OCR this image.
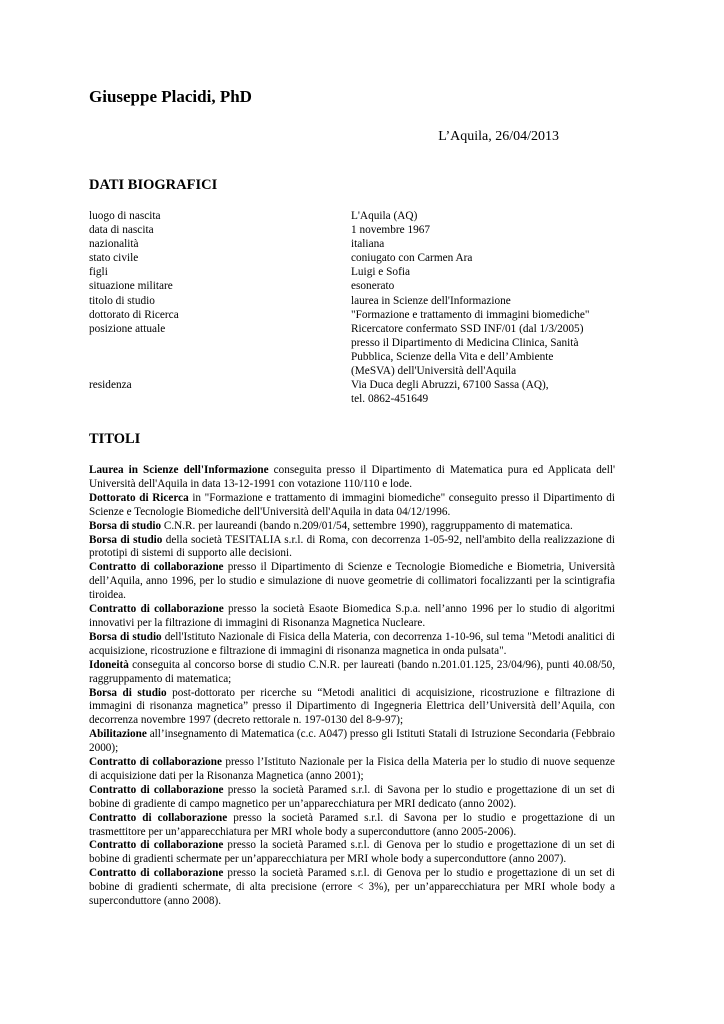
Giuseppe Placidi, PhD
L’Aquila, 26/04/2013
DATI BIOGRAFICI
luogo di nascita	L'Aquila (AQ)
data di nascita	1 novembre 1967
nazionalità	italiana
stato civile	coniugato con Carmen Ara
figli	Luigi e Sofia
situazione militare	esonerato
titolo di studio	laurea in Scienze dell'Informazione
dottorato di Ricerca	"Formazione e trattamento di immagini biomediche"
posizione attuale	Ricercatore confermato SSD INF/01 (dal 1/3/2005)
presso il Dipartimento di Medicina Clinica, Sanità
Pubblica, Scienze della Vita e dell’Ambiente
(MeSVA) dell'Università dell'Aquila
residenza	Via Duca degli Abruzzi, 67100 Sassa (AQ),
tel. 0862-451649
TITOLI

Laurea in Scienze dell'Informazione conseguita presso il Dipartimento di Matematica pura ed Applicata dell' Università dell'Aquila in data 13-12-1991 con votazione 110/110 e lode.

Dottorato di Ricerca in "Formazione e trattamento di immagini biomediche" conseguito presso il Dipartimento di Scienze e Tecnologie Biomediche dell'Università dell'Aquila in data 04/12/1996.

Borsa di studio C.N.R. per laureandi (bando n.209/01/54, settembre 1990), raggruppamento di matematica.

Borsa di studio della società TESITALIA s.r.l. di Roma, con decorrenza 1-05-92, nell'ambito della realizzazione di prototipi di sistemi di supporto alle decisioni.

Contratto di collaborazione presso il Dipartimento di Scienze e Tecnologie Biomediche e Biometria, Università dell’Aquila, anno 1996, per lo studio e simulazione di nuove geometrie di collimatori focalizzanti per la scintigrafia tiroidea.

Contratto di collaborazione presso la società Esaote Biomedica S.p.a. nell’anno 1996 per lo studio di algoritmi innovativi per la filtrazione di immagini di Risonanza Magnetica Nucleare.

Borsa di studio dell'Istituto Nazionale di Fisica della Materia, con decorrenza 1-10-96, sul tema "Metodi analitici di acquisizione, ricostruzione e filtrazione di immagini di risonanza magnetica in onda pulsata".

Idoneità conseguita al concorso borse di studio C.N.R. per laureati (bando n.201.01.125, 23/04/96), punti 40.08/50, raggruppamento di matematica;

Borsa di studio post-dottorato per ricerche su “Metodi analitici di acquisizione, ricostruzione e filtrazione di immagini di risonanza magnetica” presso il Dipartimento di Ingegneria Elettrica dell’Università dell’Aquila, con decorrenza novembre 1997 (decreto rettorale n. 197-0130 del 8-9-97);

Abilitazione all’insegnamento di Matematica (c.c. A047) presso gli Istituti Statali di Istruzione Secondaria (Febbraio 2000);

Contratto di collaborazione presso l’Istituto Nazionale per la Fisica della Materia per lo studio di nuove sequenze di acquisizione dati per la Risonanza Magnetica (anno 2001);

Contratto di collaborazione presso la società Paramed s.r.l. di Savona per lo studio e progettazione di un set di bobine di gradiente di campo magnetico per un’apparecchiatura per MRI dedicato (anno 2002).

Contratto di collaborazione presso la società Paramed s.r.l. di Savona per lo studio e progettazione di un trasmettitore per un’apparecchiatura per MRI whole body a superconduttore (anno 2005-2006).

Contratto di collaborazione presso la società Paramed s.r.l. di Genova per lo studio e progettazione di un set di bobine di gradienti schermate per un’apparecchiatura per MRI whole body a superconduttore (anno 2007).

Contratto di collaborazione presso la società Paramed s.r.l. di Genova per lo studio e progettazione di un set di bobine di gradienti schermate, di alta precisione (errore < 3%), per un’apparecchiatura per MRI whole body a superconduttore (anno 2008).
